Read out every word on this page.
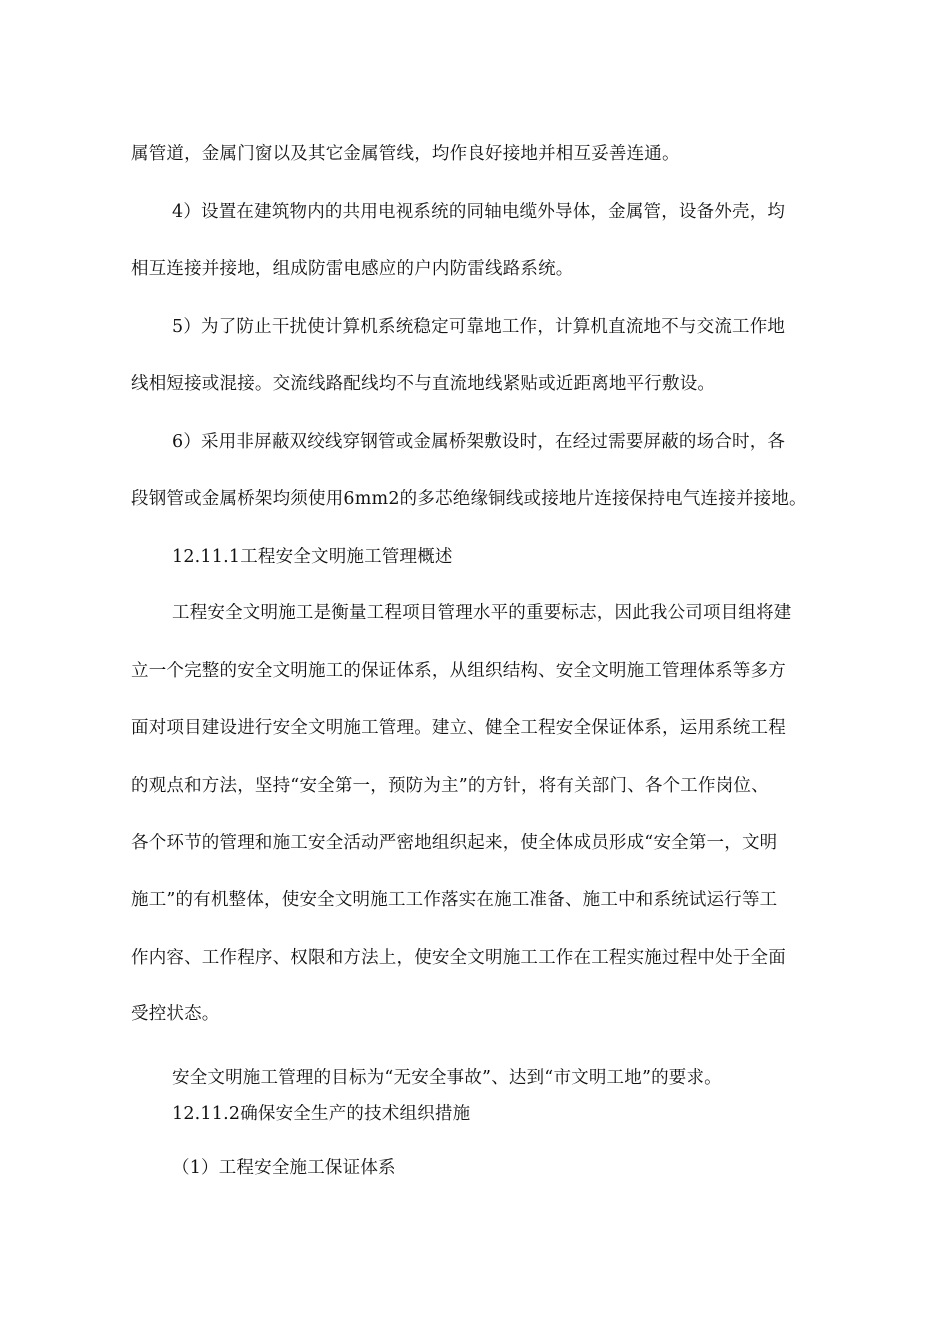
属管道，金属门窗以及其它金属管线，均作良好接地并相互妥善连通。
4）设置在建筑物内的共用电视系统的同轴电缆外导体，金属管，设备外壳，均
相互连接并接地，组成防雷电感应的户内防雷线路系统。
5）为了防止干扰使计算机系统稳定可靠地工作，计算机直流地不与交流工作地
线相短接或混接。交流线路配线均不与直流地线紧贴或近距离地平行敷设。
6）采用非屏蔽双绞线穿钢管或金属桥架敷设时，在经过需要屏蔽的场合时，各
段钢管或金属桥架均须使用6mm2的多芯绝缘铜线或接地片连接保持电气连接并接地。
12.11.1工程安全文明施工管理概述
工程安全文明施工是衡量工程项目管理水平的重要标志，因此我公司项目组将建
立一个完整的安全文明施工的保证体系，从组织结构、安全文明施工管理体系等多方
面对项目建设进行安全文明施工管理。建立、健全工程安全保证体系，运用系统工程
的观点和方法，坚持“安全第一，预防为主”的方针，将有关部门、各个工作岗位、
各个环节的管理和施工安全活动严密地组织起来，使全体成员形成“安全第一，文明
施工”的有机整体，使安全文明施工工作落实在施工准备、施工中和系统试运行等工
作内容、工作程序、权限和方法上，使安全文明施工工作在工程实施过程中处于全面
受控状态。
安全文明施工管理的目标为“无安全事故”、达到“市文明工地”的要求。
12.11.2确保安全生产的技术组织措施
（1）工程安全施工保证体系
